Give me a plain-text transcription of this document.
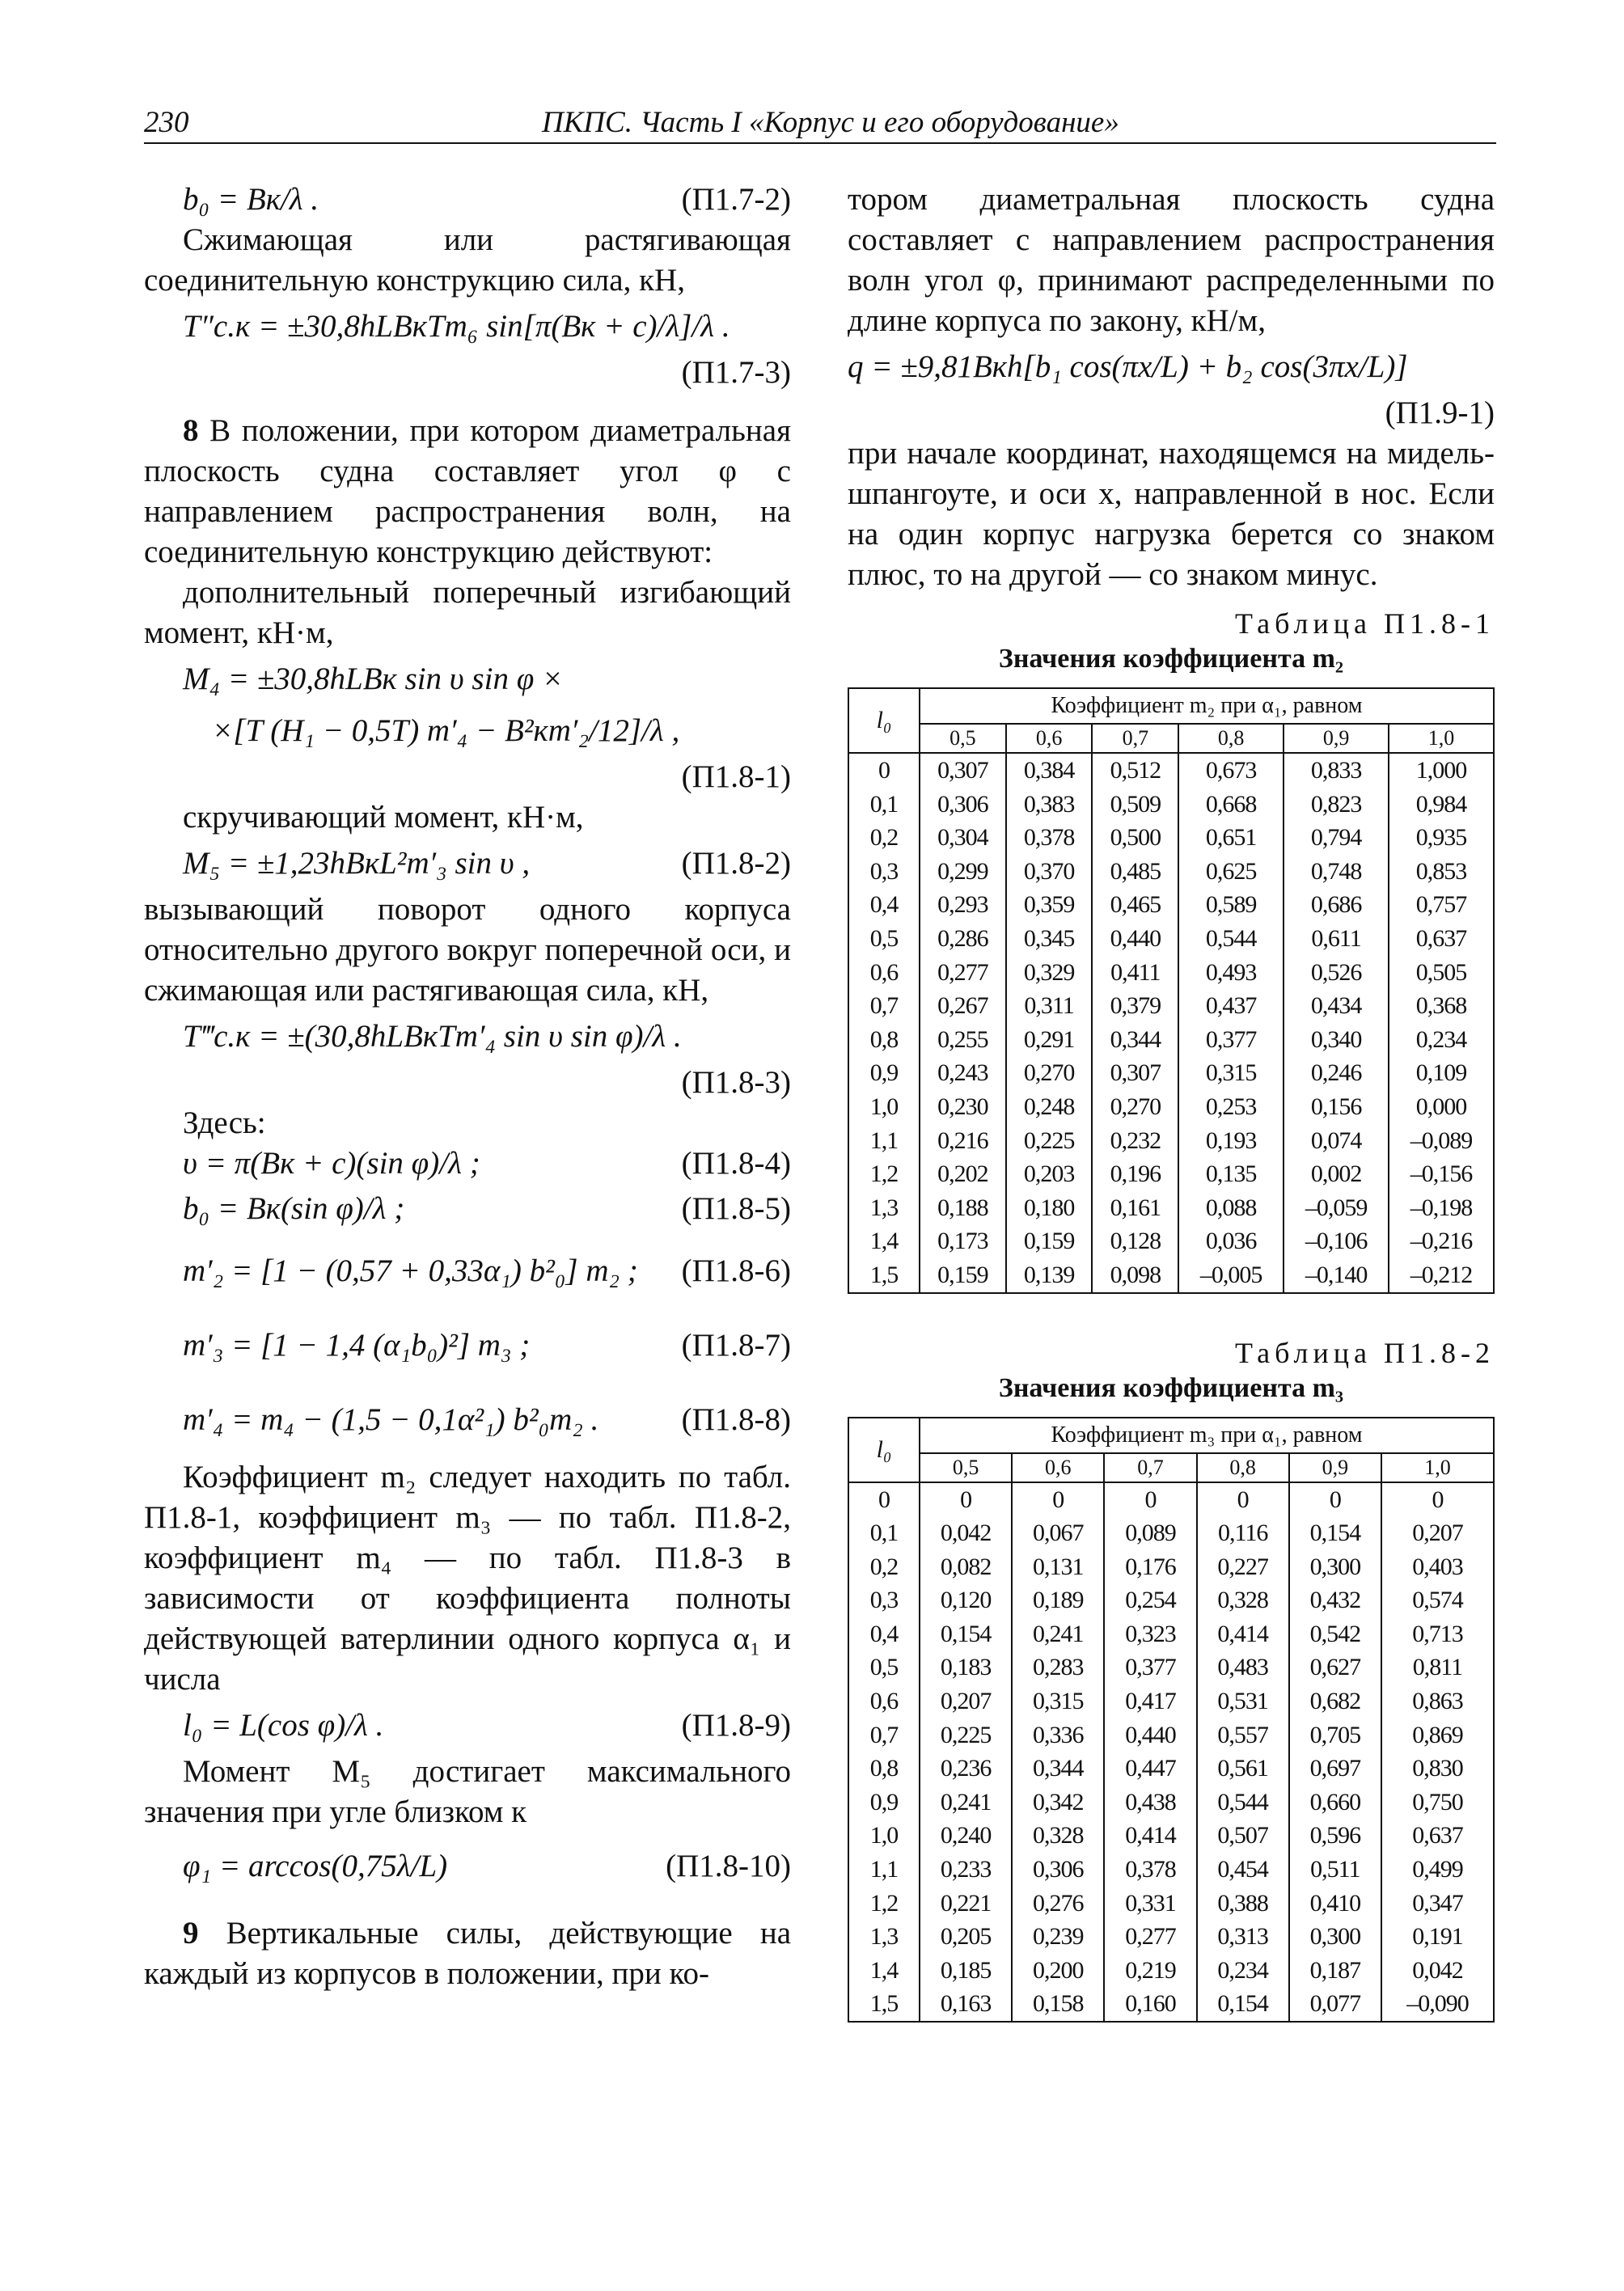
230	ПКПС. Часть I «Корпус и его оборудование»
b₀ = Bк/λ .	(П1.7-2)

Сжимающая или растягивающая соединительную конструкцию сила, кН,

T″с.к = ±30,8hLBкTm₆ sin[π(Bк + c)/λ]/λ .
(П1.7-3)

8 В положении, при котором диаметральная плоскость судна составляет угол φ с направлением распространения волн, на соединительную конструкцию действуют:

дополнительный поперечный изгибающий момент, кН·м,

M₄ = ±30,8hLBк sin υ sin φ ×
×[T (H₁ − 0,5T) m′₄ − B²кm′₂/12]/λ ,
(П1.8-1)

скручивающий момент, кН·м,

M₅ = ±1,23hBкL²m′₃ sin υ ,	(П1.8-2)

вызывающий поворот одного корпуса относительно другого вокруг поперечной оси, и сжимающая или растягивающая сила, кН,

T‴с.к = ±(30,8hLBкTm′₄ sin υ sin φ)/λ .
(П1.8-3)

Здесь:

υ = π(Bк + c)(sin φ)/λ ;	(П1.8-4)
b₀ = Bк(sin φ)/λ ;	(П1.8-5)
m′₂ = [1 − (0,57 + 0,33α₁) b²₀] m₂ ; (П1.8-6)
m′₃ = [1 − 1,4 (α₁b₀)²] m₃ ;	(П1.8-7)
m′₄ = m₄ − (1,5 − 0,1α²₁) b²₀m₂ .	(П1.8-8)

Коэффициент m₂ следует находить по табл. П1.8-1, коэффициент m₃ — по табл. П1.8-2, коэффициент m₄ — по табл. П1.8-3 в зависимости от коэффициента полноты действующей ватерлинии одного корпуса α₁ и числа

l₀ = L(cos φ)/λ .	(П1.8-9)

Момент M₅ достигает максимального значения при угле близком к

φ₁ = arccos(0,75λ/L)	(П1.8-10)

9 Вертикальные силы, действующие на каждый из корпусов в положении, при ко-

тором диаметральная плоскость судна составляет с направлением распространения волн угол φ, принимают распределенными по длине корпуса по закону, кН/м,

q = ±9,81Bкh[b₁ cos(πx/L) + b₂ cos(3πx/L)]
(П1.9-1)

при начале координат, находящемся на мидель-шпангоуте, и оси x, направленной в нос. Если на один корпус нагрузка берется со знаком плюс, то на другой — со знаком минус.

Таблица П1.8-1
Значения коэффициента m₂
l₀	Коэффициент m₂ при α₁, равном					
	0,5	0,6	0,7	0,8	0,9	1,0
0	0,307	0,384	0,512	0,673	0,833	1,000
0,1	0,306	0,383	0,509	0,668	0,823	0,984
0,2	0,304	0,378	0,500	0,651	0,794	0,935
0,3	0,299	0,370	0,485	0,625	0,748	0,853
0,4	0,293	0,359	0,465	0,589	0,686	0,757
0,5	0,286	0,345	0,440	0,544	0,611	0,637
0,6	0,277	0,329	0,411	0,493	0,526	0,505
0,7	0,267	0,311	0,379	0,437	0,434	0,368
0,8	0,255	0,291	0,344	0,377	0,340	0,234
0,9	0,243	0,270	0,307	0,315	0,246	0,109
1,0	0,230	0,248	0,270	0,253	0,156	0,000
1,1	0,216	0,225	0,232	0,193	0,074	–0,089
1,2	0,202	0,203	0,196	0,135	0,002	–0,156
1,3	0,188	0,180	0,161	0,088	–0,059	–0,198
1,4	0,173	0,159	0,128	0,036	–0,106	–0,216
1,5	0,159	0,139	0,098	–0,005	–0,140	–0,212
Таблица П1.8-2
Значения коэффициента m₃
l₀	Коэффициент m₃ при α₁, равном					
	0,5	0,6	0,7	0,8	0,9	1,0
0	0	0	0	0	0	0
0,1	0,042	0,067	0,089	0,116	0,154	0,207
0,2	0,082	0,131	0,176	0,227	0,300	0,403
0,3	0,120	0,189	0,254	0,328	0,432	0,574
0,4	0,154	0,241	0,323	0,414	0,542	0,713
0,5	0,183	0,283	0,377	0,483	0,627	0,811
0,6	0,207	0,315	0,417	0,531	0,682	0,863
0,7	0,225	0,336	0,440	0,557	0,705	0,869
0,8	0,236	0,344	0,447	0,561	0,697	0,830
0,9	0,241	0,342	0,438	0,544	0,660	0,750
1,0	0,240	0,328	0,414	0,507	0,596	0,637
1,1	0,233	0,306	0,378	0,454	0,511	0,499
1,2	0,221	0,276	0,331	0,388	0,410	0,347
1,3	0,205	0,239	0,277	0,313	0,300	0,191
1,4	0,185	0,200	0,219	0,234	0,187	0,042
1,5	0,163	0,158	0,160	0,154	0,077	–0,090
